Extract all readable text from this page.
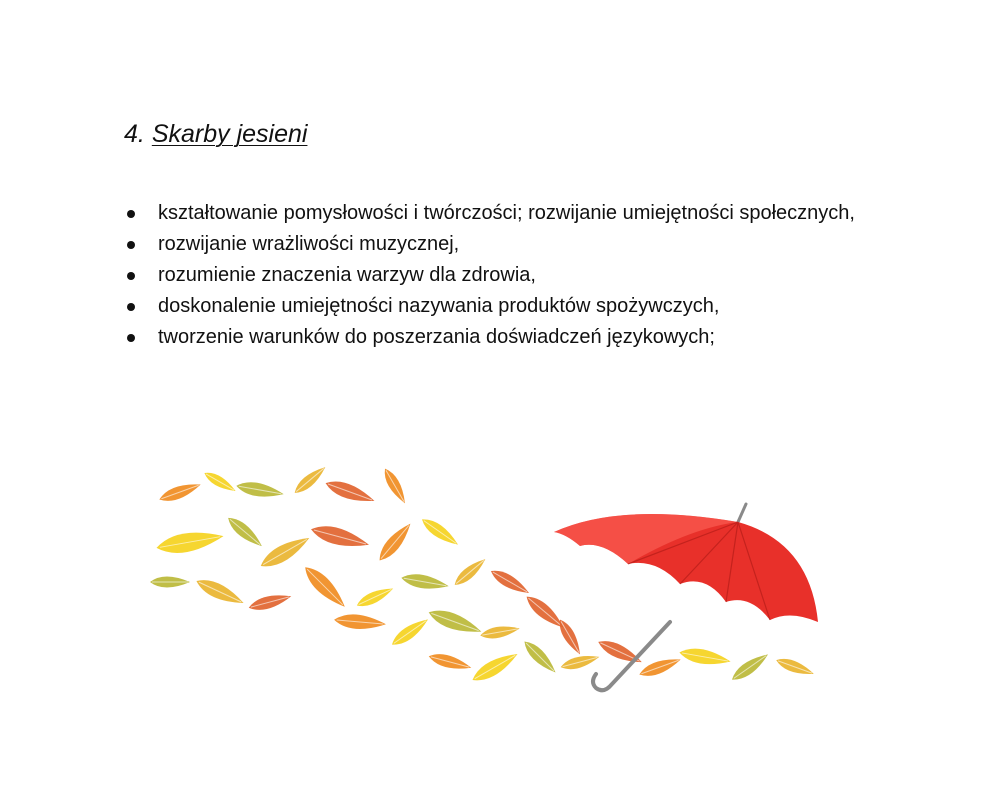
4. Skarby jesieni
kształtowanie pomysłowości i twórczości; rozwijanie umiejętności społecznych,
rozwijanie wrażliwości muzycznej,
rozumienie znaczenia warzyw dla zdrowia,
doskonalenie umiejętności nazywania produktów spożywczych,
tworzenie warunków do poszerzania doświadczeń językowych;
